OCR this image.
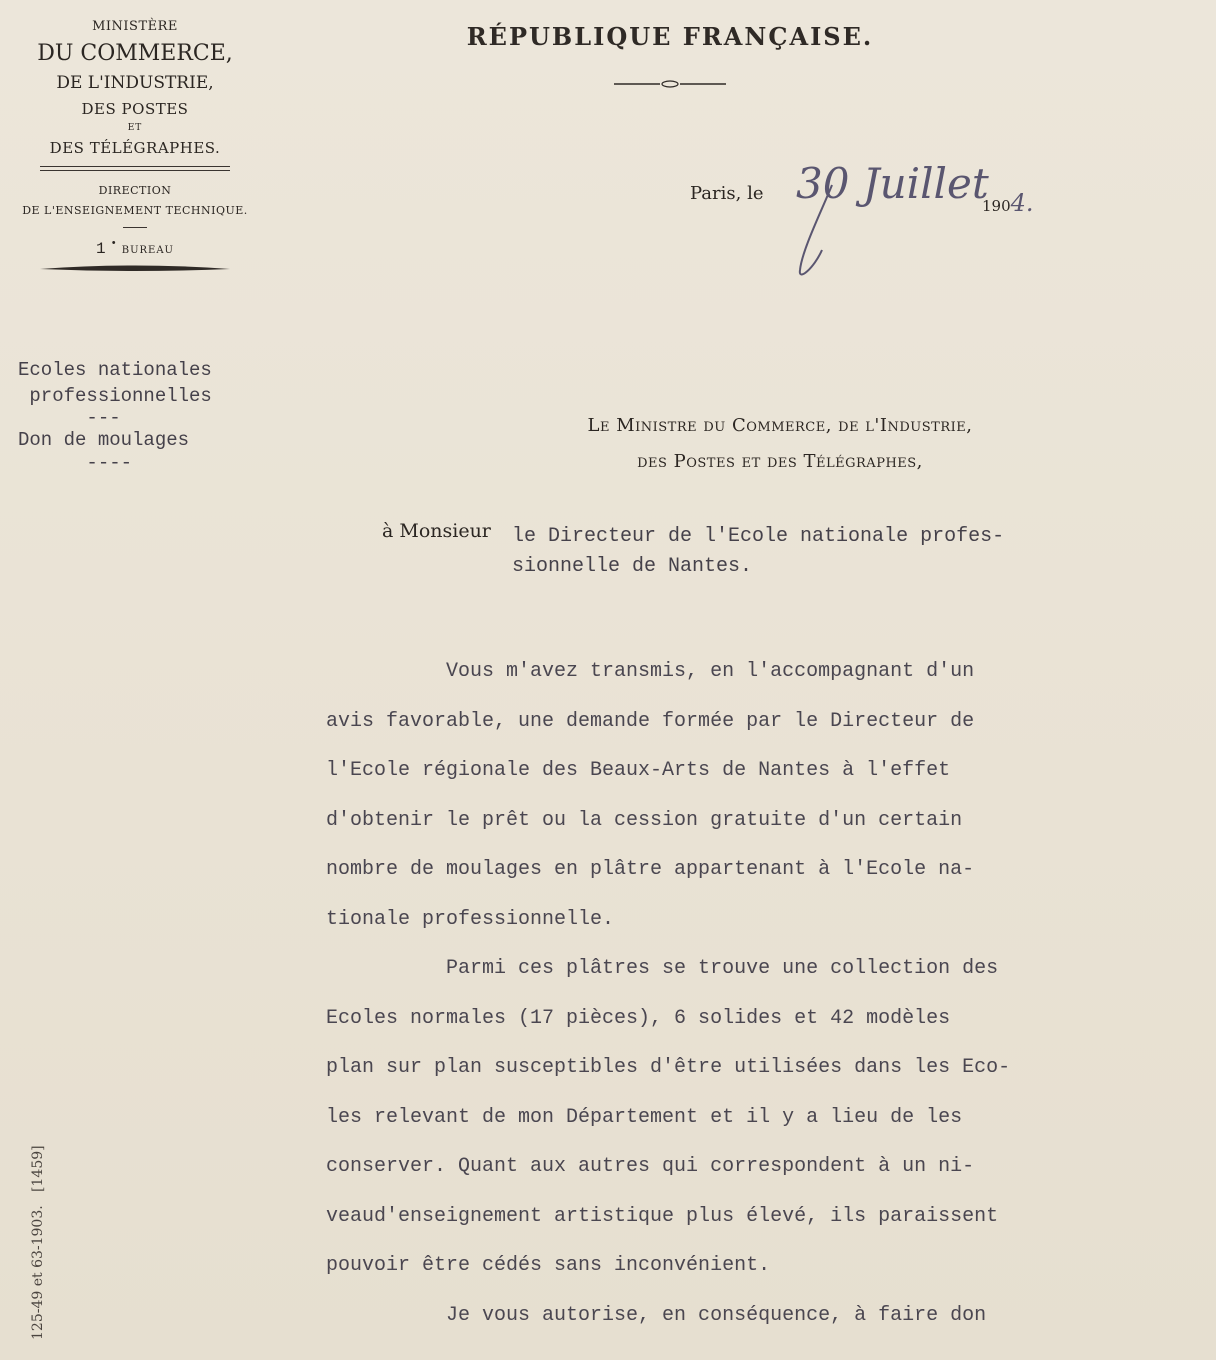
MINISTÈRE
DU COMMERCE,
DE L'INDUSTRIE,
DES POSTES
ET
DES TÉLÉGRAPHES.
DIRECTION
DE L'ENSEIGNEMENT TECHNIQUE.
1 • BUREAU
Ecoles nationales
professionnelles
---
Don de moulages
----
RÉPUBLIQUE FRANÇAISE.
Paris, le 30 Juillet
1904.
Le Ministre du Commerce, de l'Industrie,
des Postes et des Télégraphes,
à Monsieur le Directeur de l'Ecole nationale profes-
sionnelle de Nantes.
Vous m'avez transmis, en l'accompagnant d'un
avis favorable, une demande formée par le Directeur de
l'Ecole régionale des Beaux-Arts de Nantes à l'effet
d'obtenir le prêt ou la cession gratuite d'un certain
nombre de moulages en plâtre appartenant à l'Ecole na-
tionale professionnelle.
Parmi ces plâtres se trouve une collection des
Ecoles normales (17 pièces), 6 solides et 42 modèles
plan sur plan susceptibles d'être utilisées dans les Eco-
les relevant de mon Département et il y a lieu de les
conserver. Quant aux autres qui correspondent à un ni-
veaud'enseignement artistique plus élevé, ils paraissent
pouvoir être cédés sans inconvénient.
Je vous autorise, en conséquence, à faire don
125-49 et 63-1903.   [1459]
